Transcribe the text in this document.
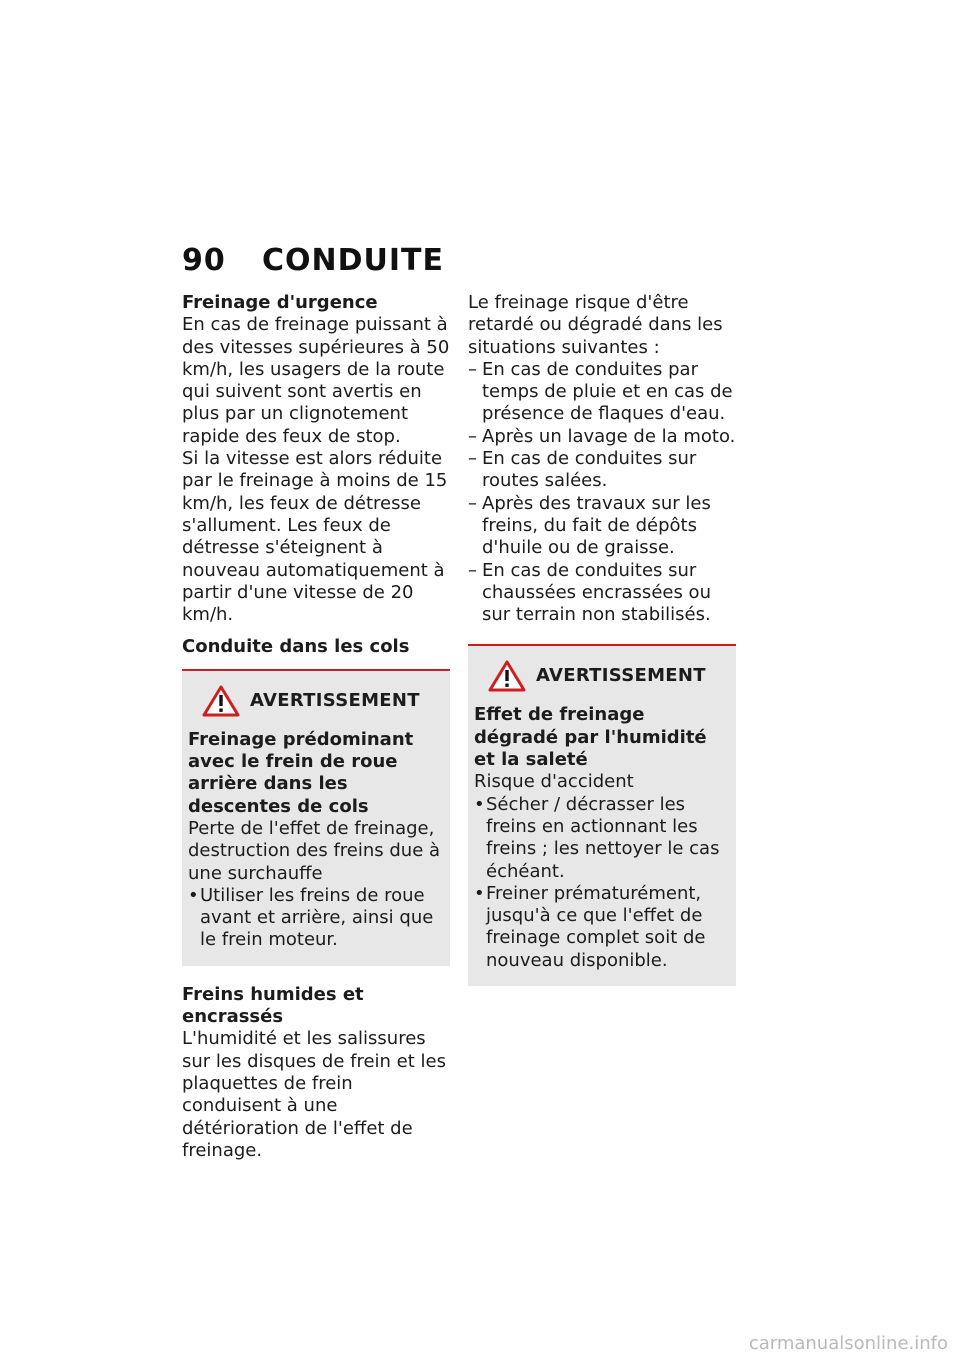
90 CONDUITE
Freinage d'urgence

En cas de freinage puissant à des vitesses supérieures à 50 km/h, les usagers de la route qui suivent sont avertis en plus par un clignotement rapide des feux de stop.

Si la vitesse est alors réduite par le freinage à moins de 15 km/h, les feux de détresse s'allument. Les feux de détresse s'éteignent à nouveau automatiquement à partir d'une vitesse de 20 km/h.

Conduite dans les cols
AVERTISSEMENT
Freinage prédominant avec le frein de roue arrière dans les descentes de cols
Perte de l'effet de freinage, destruction des freins due à une surchauffe
•Utiliser les freins de roue avant et arrière, ainsi que le frein moteur.
Freins humides et encrassés

L'humidité et les salissures sur les disques de frein et les plaquettes de frein conduisent à une détérioration de l'effet de freinage.

Le freinage risque d'être retardé ou dégradé dans les situations suivantes :

– En cas de conduites par temps de pluie et en cas de présence de flaques d'eau.
– Après un lavage de la moto.
– En cas de conduites sur routes salées.
– Après des travaux sur les freins, du fait de dépôts d'huile ou de graisse.
– En cas de conduites sur chaussées encrassées ou sur terrain non stabilisés.
AVERTISSEMENT
Effet de freinage dégradé par l'humidité et la saleté
Risque d'accident
•Sécher / décrasser les freins en actionnant les freins ; les nettoyer le cas échéant.
•Freiner prématurément, jusqu'à ce que l'effet de freinage complet soit de nouveau disponible.
carmanualsonline.info
